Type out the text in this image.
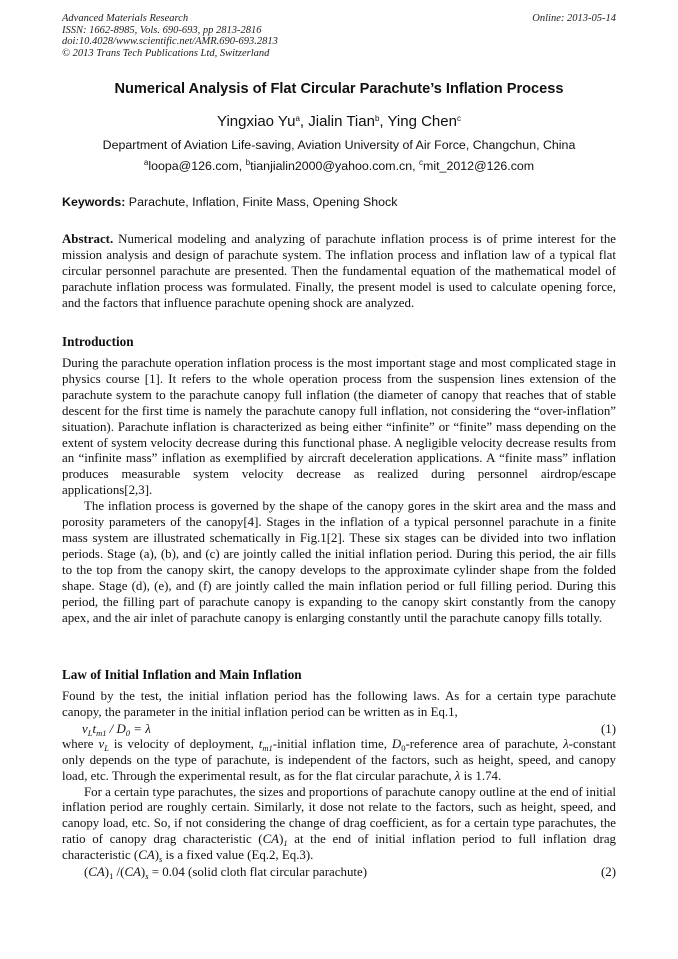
Advanced Materials Research
ISSN: 1662-8985, Vols. 690-693, pp 2813-2816
doi:10.4028/www.scientific.net/AMR.690-693.2813
© 2013 Trans Tech Publications Ltd, Switzerland
Online: 2013-05-14
Numerical Analysis of Flat Circular Parachute’s Inflation Process
Yingxiao Yu$^a$, Jialin Tian$^b$, Ying Chen$^c$
Department of Aviation Life-saving, Aviation University of Air Force, Changchun, China
$^a$loopa@126.com, $^b$tianjialin2000@yahoo.com.cn, $^c$mit_2012@126.com
Keywords: Parachute, Inflation, Finite Mass, Opening Shock

Abstract. Numerical modeling and analyzing of parachute inflation process is of prime interest for the mission analysis and design of parachute system. The inflation process and inflation law of a typical flat circular personnel parachute are presented. Then the fundamental equation of the mathematical model of parachute inflation process was formulated. Finally, the present model is used to calculate opening force, and the factors that influence parachute opening shock are analyzed.

Introduction

During the parachute operation inflation process is the most important stage and most complicated stage in physics course [1]. It refers to the whole operation process from the suspension lines extension of the parachute system to the parachute canopy full inflation (the diameter of canopy that reaches that of stable descent for the first time is namely the parachute canopy full inflation, not considering the “over-inflation” situation). Parachute inflation is characterized as being either “infinite” or “finite” mass depending on the extent of system velocity decrease during this functional phase. A negligible velocity decrease results from an “infinite mass” inflation as exemplified by aircraft deceleration applications. A “finite mass” inflation produces measurable system velocity decrease as realized during personnel airdrop/escape applications[2,3].

The inflation process is governed by the shape of the canopy gores in the skirt area and the mass and porosity parameters of the canopy[4]. Stages in the inflation of a typical personnel parachute in a finite mass system are illustrated schematically in Fig.1[2]. These six stages can be divided into two inflation periods. Stage (a), (b), and (c) are jointly called the initial inflation period. During this period, the air fills to the top from the canopy skirt, the canopy develops to the approximate cylinder shape from the folded shape. Stage (d), (e), and (f) are jointly called the main inflation period or full filling period. During this period, the filling part of parachute canopy is expanding to the canopy skirt constantly from the canopy apex, and the air inlet of parachute canopy is enlarging constantly until the parachute canopy fills totally.

Law of Initial Inflation and Main Inflation

Found by the test, the initial inflation period has the following laws. As for a certain type parachute canopy, the parameter in the initial inflation period can be written as in Eq.1,

$v_Lt_{m1} / D_0 = \lambda$	(1)

where $v_L$ is velocity of deployment, $t_{m1}$-initial inflation time, $D_0$-reference area of parachute, λ-constant only depends on the type of parachute, is independent of the factors, such as height, speed, and canopy load, etc. Through the experimental result, as for the flat circular parachute, λ is 1.74.

For a certain type parachutes, the sizes and proportions of parachute canopy outline at the end of initial inflation period are roughly certain. Similarly, it dose not relate to the factors, such as height, speed, and canopy load, etc. So, if not considering the change of drag coefficient, as for a certain type parachutes, the ratio of canopy drag characteristic $(CA)_1$ at the end of initial inflation period to full inflation drag characteristic $(CA)_s$ is a fixed value (Eq.2, Eq.3).

$(CA)_1$ $/(CA)_s = 0.04$ (solid cloth flat circular parachute)	(2)
